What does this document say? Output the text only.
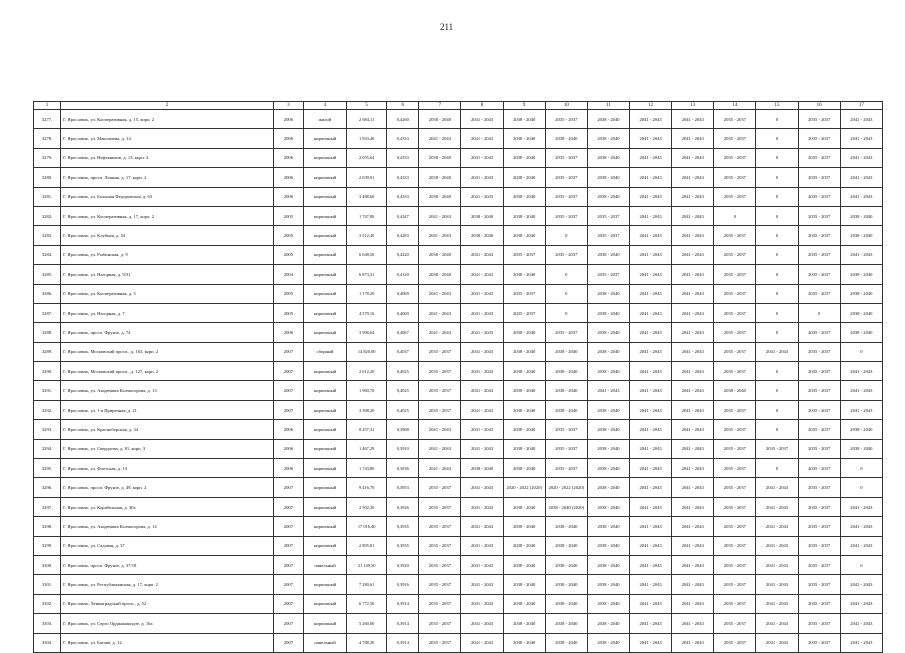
211
1	2	3	4	5	6	7	8	9	10	11	12	13	14	15	16	17
3277.	Г. Ярославль, ул. Кооперативная, д. 15, корп. 2	2006	жилой	2 684,11	0,4260	2038 - 2040	2041 - 2043	2038 - 2040	2035 - 2037	2038 - 2040	2041 - 2043	2041 - 2043	2035 - 2037	0	2035 - 2037	2041 - 2043
3278.	Г. Ярославль, ул. Максимова, д. 14	2006	кирпичный	1 933,40	0,4333	2041 - 2043	2041 - 2043	2038 - 2040	2038 - 2040	2038 - 2040	2041 - 2043	2041 - 2043	2035 - 2037	0	2035 - 2037	2041 - 2043
3279.	Г. Ярославль, ул. Нефтяников, д. 13, корп. 2	2006	кирпичный	2 055,64	0,4333	2038 - 2040	2041 - 2043	2038 - 2040	2035 - 2037	2038 - 2040	2041 - 2043	2041 - 2043	2035 - 2037	0	2035 - 2037	2041 - 2043
3280.	Г. Ярославль, просп. Ленина, д. 17, корп. 2	2006	кирпичный	2 039,01	0,4333	2038 - 2040	2041 - 2043	2038 - 2040	2035 - 2037	2038 - 2040	2041 - 2043	2041 - 2043	2035 - 2037	0	2035 - 2037	2041 - 2043
3281.	Г. Ярославль, ул. Большая Федоровская, д. 63	2006	кирпичный	3 488,60	0,4333	2038 - 2040	2041 - 2043	2038 - 2040	2035 - 2037	2038 - 2040	2041 - 2043	2041 - 2043	2035 - 2037	0	2035 - 2037	2041 - 2043
3282.	Г. Ярославль, ул. Кооперативная, д. 17, корп. 2	2005	кирпичный	1 747,80	0,4347	2041 - 2043	2038 - 2040	2038 - 2040	2035 - 2037	2035 - 2037	2041 - 2043	2041 - 2043	0	0	2035 - 2037	2038 - 2040
3283.	Г. Ярославль, ул. Клубная, д. 54	2005	кирпичный	3 512,40	0,4283	2041 - 2043	2038 - 2040	2038 - 2040	0	2035 - 2037	2041 - 2043	2041 - 2043	2035 - 2037	0	2035 - 2037	2038 - 2040
3284.	Г. Ярославль, ул. Рыбинская, д. 9	2005	кирпичный	6 048,56	0,4220	2038 - 2040	2041 - 2043	2035 - 2037	2035 - 2037	2038 - 2040	2041 - 2043	2041 - 2043	2035 - 2037	0	2035 - 2037	2041 - 2043
3285.	Г. Ярославль, ул. Нагорная, д. 9/31	2004	кирпичный	6 873,31	0,4120	2038 - 2040	2041 - 2043	2038 - 2040	0	2035 - 2037	2041 - 2043	2041 - 2043	2035 - 2037	0	2035 - 2037	2038 - 2040
3286.	Г. Ярославль, ул. Кооперативная, д. 5	2005	кирпичный	1 178,20	0,4069	2041 - 2043	2041 - 2043	2035 - 2037	0	2038 - 2040	2041 - 2043	2041 - 2043	2035 - 2037	0	2035 - 2037	2038 - 2040
3287.	Г. Ярославль, ул. Нагорная, д. 7	2005	кирпичный	4 579,16	0,4069	2041 - 2043	2041 - 2043	2035 - 2037	0	2038 - 2040	2041 - 2043	2041 - 2043	2035 - 2037	0	0	2038 - 2040
3288.	Г. Ярославль, просп. Фрунзе, д. 74	2006	кирпичный	3 906,64	0,4067	2041 - 2043	2041 - 2043	2038 - 2040	2035 - 2037	2038 - 2040	2041 - 2043	2041 - 2043	2035 - 2037	0	2035 - 2037	2038 - 2040
3289.	Г. Ярославль, Московский просп., д. 163, корп. 2	2007	сборный	14 820,00	0,4037	2035 - 2037	2041 - 2043	2038 - 2040	2038 - 2040	2038 - 2040	2041 - 2043	2041 - 2043	2035 - 2037	2041 - 2043	2035 - 2037	0
3290.	Г. Ярославль, Московский просп., д. 127, корп. 2	2007	кирпичный	2 612,20	0,4025	2035 - 2037	2041 - 2043	2038 - 2040	2038 - 2040	2038 - 2040	2041 - 2043	2041 - 2043	2035 - 2037	0	2035 - 2037	2041 - 2043
3291.	Г. Ярославль, ул. Академика Колмогорова, д. 13	2007	кирпичный	1 960,70	0,4025	2035 - 2037	2041 - 2043	2038 - 2040	2038 - 2040	2041 - 2043	2041 - 2043	2041 - 2043	2038 - 2040	0	2035 - 2037	2041 - 2043
3292.	Г. Ярославль, ул. 1-я Приречная, д. 21	2007	кирпичный	3 398,20	0,4025	2035 - 2037	2041 - 2043	2038 - 2040	2038 - 2040	2038 - 2040	2041 - 2043	2041 - 2043	2035 - 2037	0	2035 - 2037	2041 - 2043
3293.	Г. Ярославль, ул. Красноборская, д. 34	2006	кирпичный	8 257,31	0,3968	2041 - 2043	2041 - 2043	2038 - 2040	2035 - 2037	2038 - 2040	2041 - 2043	2041 - 2043	2035 - 2037	0	2035 - 2037	2038 - 2040
3294.	Г. Ярославль, ул. Свердлова, д. 81, корп. 3	2006	кирпичный	1 467,29	0,3910	2041 - 2043	2041 - 2043	2038 - 2040	2035 - 2037	2038 - 2040	2041 - 2043	2041 - 2043	2035 - 2037	2035 - 2037	2035 - 2037	2038 - 2040
3295.	Г. Ярославль, ул. Флотская, д. 14	2006	кирпичный	1 743,80	0,3936	2041 - 2043	2038 - 2040	2038 - 2040	2035 - 2037	2038 - 2040	2041 - 2043	2041 - 2043	2035 - 2037	0	2035 - 2037	0
3296.	Г. Ярославль, просп. Фрунзе, д. 49, корп. 2	2007	кирпичный	9 416,70	0,3953	2035 - 2037	2041 - 2043	2020 - 2022 (2020)	2020 - 2022 (2020)	2038 - 2040	2041 - 2043	2041 - 2043	2035 - 2037	2041 - 2043	2035 - 2037	0
3297.	Г. Ярославль, ул. Корабельная, д. 30а	2007	кирпичный	2 502,30	0,3926	2035 - 2037	2041 - 2043	2038 - 2040	2038 - 2040 (2020)	2038 - 2040	2041 - 2043	2041 - 2043	2035 - 2037	2041 - 2043	2035 - 2037	2041 - 2043
3298.	Г. Ярославль, ул. Академика Колмогорова, д. 14	2007	кирпичный	17 016,40	0,3935	2035 - 2037	2041 - 2043	2038 - 2040	2038 - 2040	2038 - 2040	2041 - 2043	2041 - 2043	2035 - 2037	2041 - 2043	2035 - 2037	2041 - 2043
3299.	Г. Ярославль, ул. Садовая, д. 37	2007	кирпичный	2 895,81	0,3935	2035 - 2037	2041 - 2043	2038 - 2040	2038 - 2040	2038 - 2040	2041 - 2043	2041 - 2043	2035 - 2037	2041 - 2043	2035 - 2037	2041 - 2043
3300.	Г. Ярославль, просп. Фрунзе, д. 37/18	2007	панельный	21 149,50	0,3920	2035 - 2037	2041 - 2043	2038 - 2040	2038 - 2040	2038 - 2040	2041 - 2043	2041 - 2043	2035 - 2037	2041 - 2043	2035 - 2037	0
3301.	Г. Ярославль, ул. Республиканская, д. 17, корп. 2	2007	кирпичный	7 280,61	0,3916	2035 - 2037	2041 - 2043	2038 - 2040	2038 - 2040	2038 - 2040	2041 - 2043	2041 - 2043	2035 - 2037	2041 - 2043	2035 - 2037	2041 - 2043
3302.	Г. Ярославль, Ленинградский просп., д. 52	2007	кирпичный	6 772,50	0,3914	2035 - 2037	2041 - 2043	2038 - 2040	2038 - 2040	2038 - 2040	2041 - 2043	2041 - 2043	2035 - 2037	2041 - 2043	2035 - 2037	2041 - 2043
3303.	Г. Ярославль, ул. Серго Орджоникидзе, д. 16а	2007	кирпичный	5 260,00	0,3914	2035 - 2037	2041 - 2043	2038 - 2040	2038 - 2040	2038 - 2040	2041 - 2043	2041 - 2043	2035 - 2037	2041 - 2043	2035 - 2037	2041 - 2043
3304.	Г. Ярославль, ул. Батова, д. 12	2007	панельный	4 788,30	0,3914	2035 - 2037	2041 - 2043	2038 - 2040	2038 - 2040	2038 - 2040	2041 - 2043	2041 - 2043	2035 - 2037	2041 - 2043	2035 - 2037	2041 - 2043
